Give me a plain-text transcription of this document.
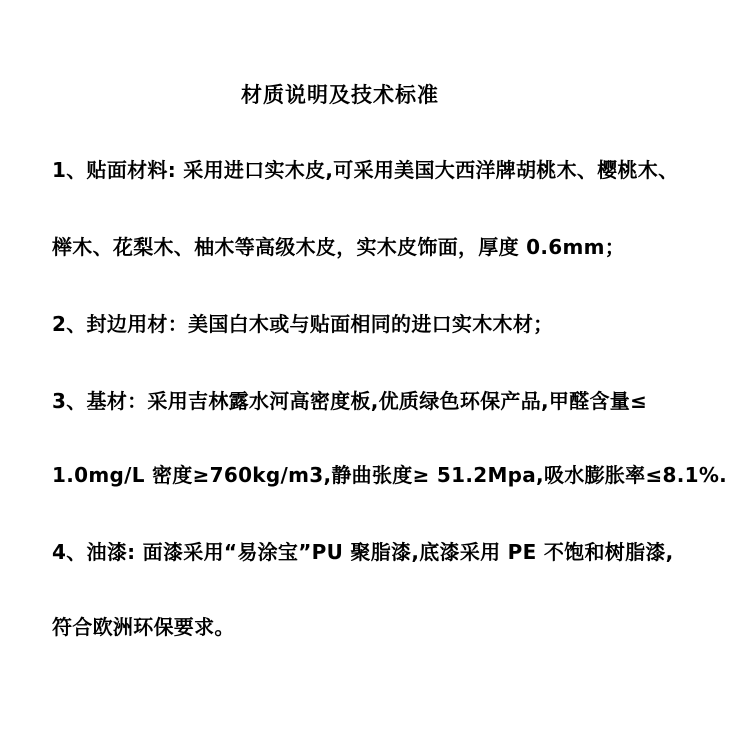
材质说明及技术标准
1、贴面材料: 采用进口实木皮,可采用美国大西洋牌胡桃木、樱桃木、
榉木、花梨木、柚木等高级木皮，实木皮饰面，厚度 0.6mm；
2、封边用材：美国白木或与贴面相同的进口实木木材；
3、基材：采用吉林露水河高密度板,优质绿色环保产品,甲醛含量≤
1.0mg/L 密度≥760kg/m3,静曲张度≥ 51.2Mpa,吸水膨胀率≤8.1%.
4、油漆: 面漆采用“易涂宝”PU 聚脂漆,底漆采用 PE 不饱和树脂漆,
符合欧洲环保要求。
